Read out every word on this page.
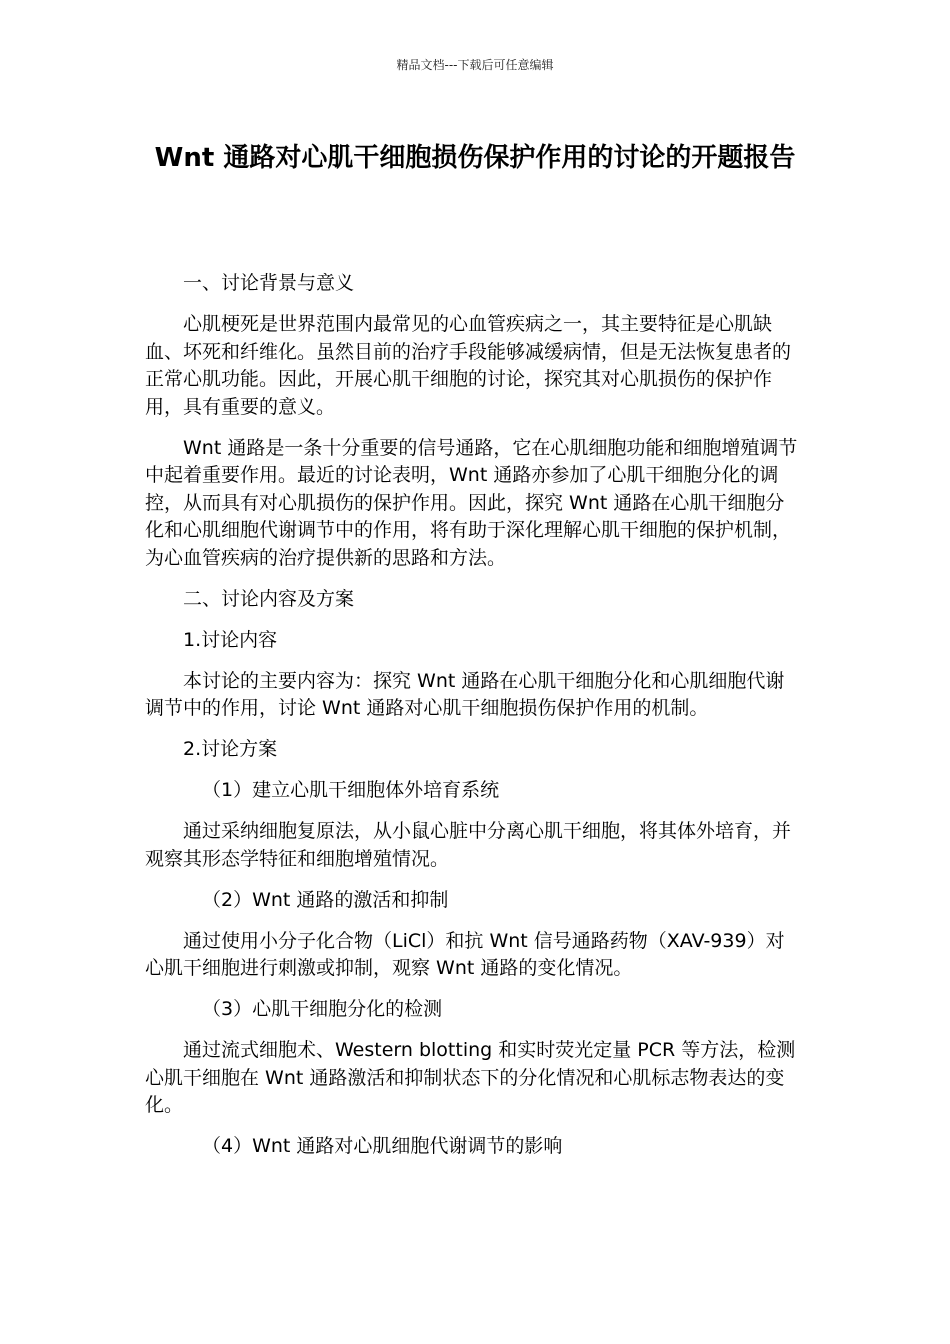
精品文档---下载后可任意编辑
Wnt 通路对心肌干细胞损伤保护作用的讨论的开题报告

一、讨论背景与意义

心肌梗死是世界范围内最常见的心血管疾病之一，其主要特征是心肌缺血、坏死和纤维化。虽然目前的治疗手段能够减缓病情，但是无法恢复患者的正常心肌功能。因此，开展心肌干细胞的讨论，探究其对心肌损伤的保护作用，具有重要的意义。

Wnt 通路是一条十分重要的信号通路，它在心肌细胞功能和细胞增殖调节中起着重要作用。最近的讨论表明，Wnt 通路亦参加了心肌干细胞分化的调控，从而具有对心肌损伤的保护作用。因此，探究 Wnt 通路在心肌干细胞分化和心肌细胞代谢调节中的作用，将有助于深化理解心肌干细胞的保护机制，为心血管疾病的治疗提供新的思路和方法。

二、讨论内容及方案

1.讨论内容

本讨论的主要内容为：探究 Wnt 通路在心肌干细胞分化和心肌细胞代谢调节中的作用，讨论 Wnt 通路对心肌干细胞损伤保护作用的机制。

2.讨论方案

（1）建立心肌干细胞体外培育系统

通过采纳细胞复原法，从小鼠心脏中分离心肌干细胞，将其体外培育，并观察其形态学特征和细胞增殖情况。

（2）Wnt 通路的激活和抑制

通过使用小分子化合物（LiCl）和抗 Wnt 信号通路药物（XAV-939）对心肌干细胞进行刺激或抑制，观察 Wnt 通路的变化情况。

（3）心肌干细胞分化的检测

通过流式细胞术、Western blotting 和实时荧光定量 PCR 等方法，检测心肌干细胞在 Wnt 通路激活和抑制状态下的分化情况和心肌标志物表达的变化。

（4）Wnt 通路对心肌细胞代谢调节的影响
